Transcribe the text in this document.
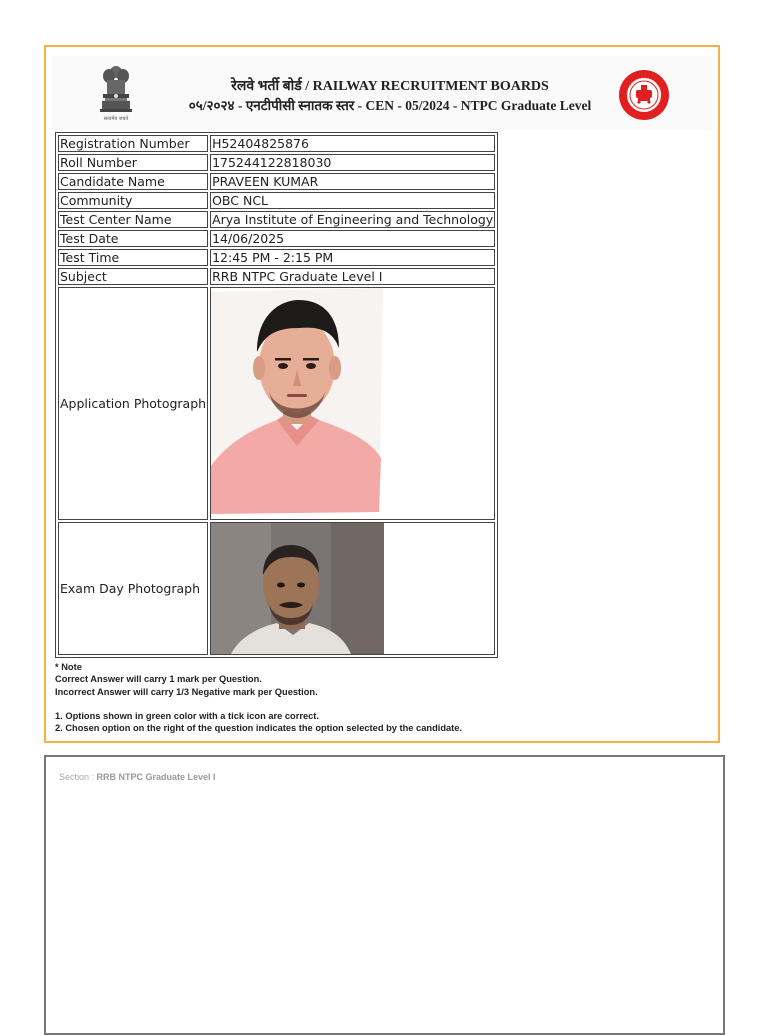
सत्यमेव जयते
रेलवे भर्ती बोर्ड / RAILWAY RECRUITMENT BOARDS
०५/२०२४ - एनटीपीसी स्नातक स्तर - CEN - 05/2024 - NTPC Graduate Level
Registration Number	H52404825876
Roll Number	175244122818030
Candidate Name	PRAVEEN KUMAR
Community	OBC NCL
Test Center Name	Arya Institute of Engineering and Technology
Test Date	14/06/2025
Test Time	12:45 PM - 2:15 PM
Subject	RRB NTPC Graduate Level I
Application Photograph	

Exam Day Photograph	
* Note
Correct Answer will carry 1 mark per Question.
Incorrect Answer will carry 1/3 Negative mark per Question.
1. Options shown in green color with a tick icon are correct.
2. Chosen option on the right of the question indicates the option selected by the candidate.
Section : RRB NTPC Graduate Level I
